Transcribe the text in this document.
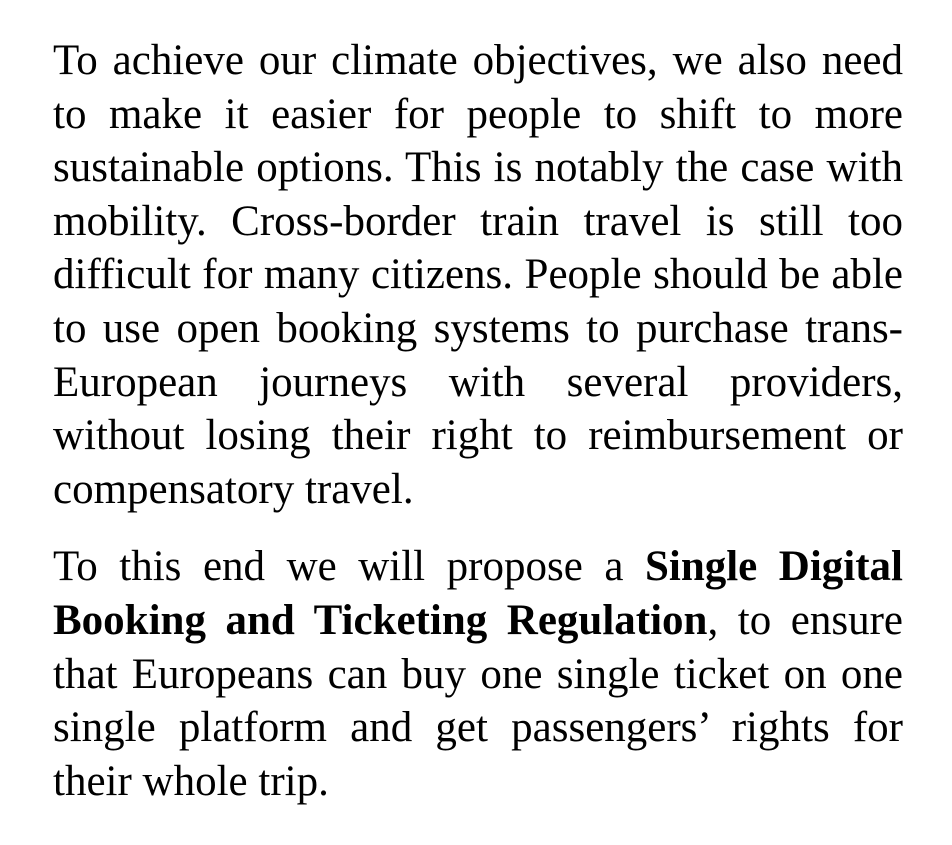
To achieve our climate objectives, we also need to make it easier for people to shift to more sustainable options. This is notably the case with mobility. Cross-border train travel is still too difficult for many citizens. People should be able to use open booking systems to purchase trans-European journeys with several providers, without losing their right to reimbursement or compensatory travel.

To this end we will propose a Single Digital Booking and Ticketing Regulation, to ensure that Europeans can buy one single ticket on one single platform and get passengers’ rights for their whole trip.
